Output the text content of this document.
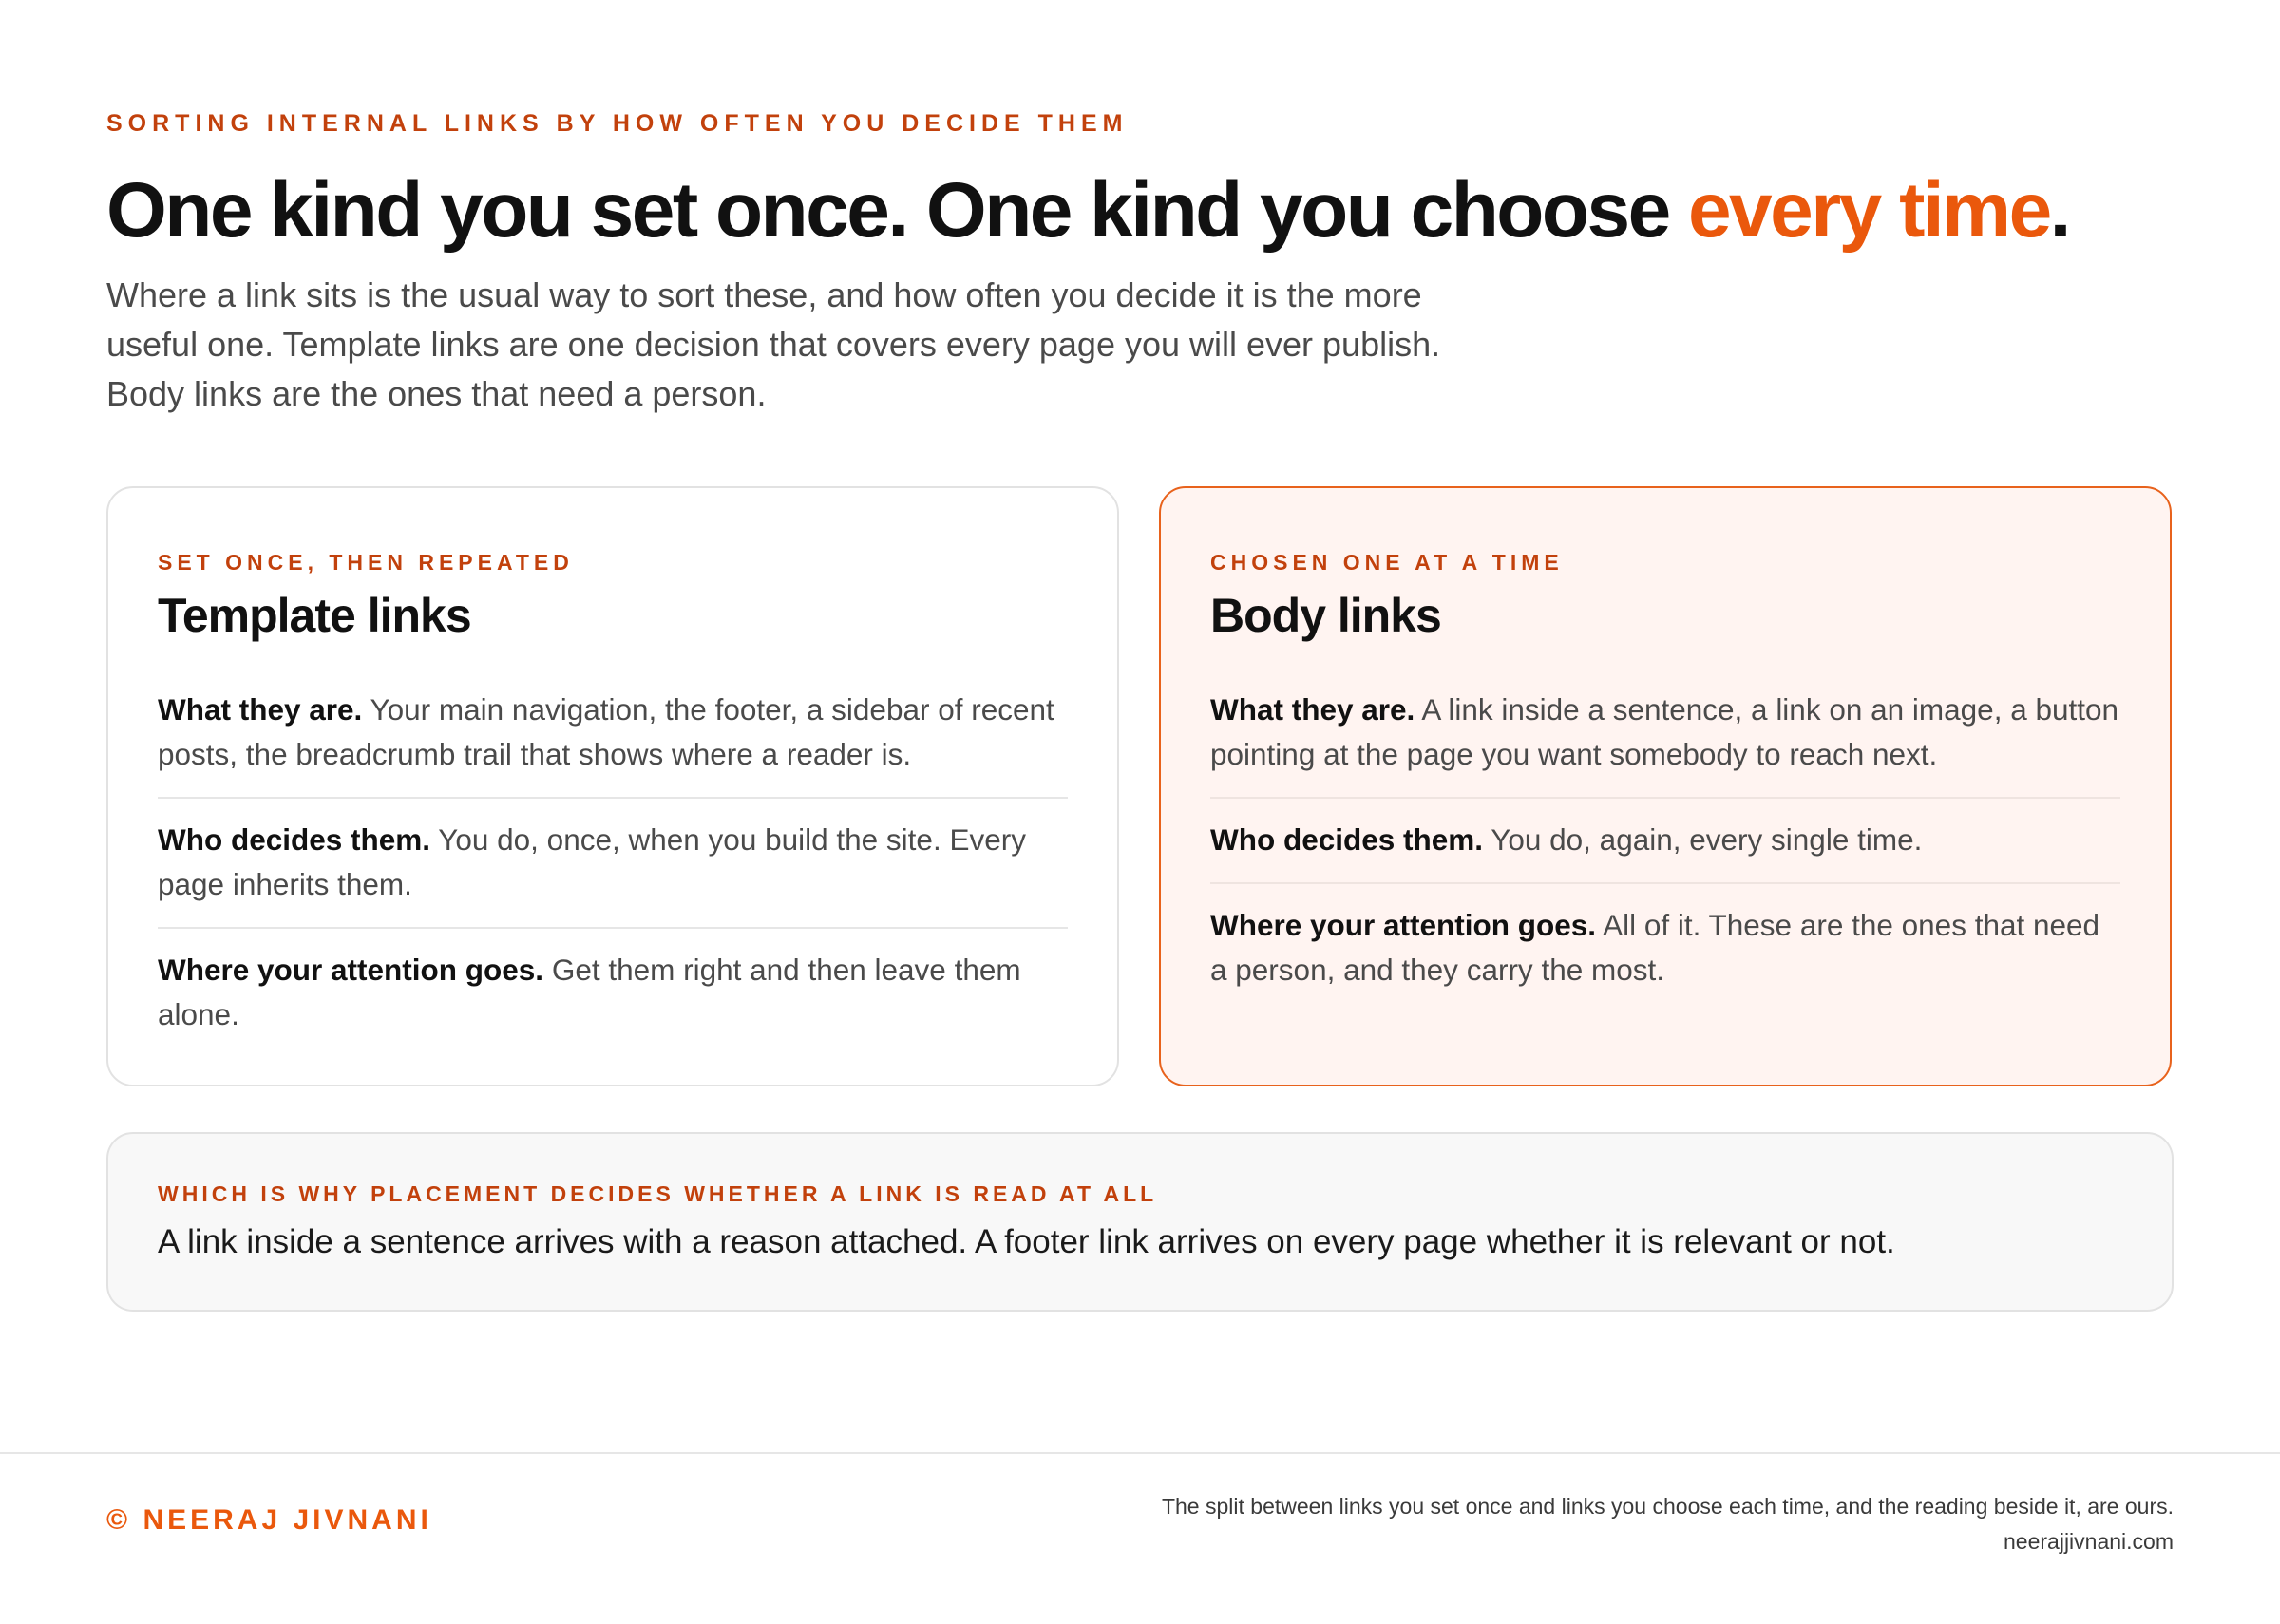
SORTING INTERNAL LINKS BY HOW OFTEN YOU DECIDE THEM
One kind you set once. One kind you choose every time.

Where a link sits is the usual way to sort these, and how often you decide it is the more useful one. Template links are one decision that covers every page you will ever publish. Body links are the ones that need a person.

SET ONCE, THEN REPEATED
Template links
What they are. Your main navigation, the footer, a sidebar of recent posts, the breadcrumb trail that shows where a reader is.
Who decides them. You do, once, when you build the site. Every page inherits them.
Where your attention goes. Get them right and then leave them alone.
CHOSEN ONE AT A TIME
Body links
What they are. A link inside a sentence, a link on an image, a button pointing at the page you want somebody to reach next.
Who decides them. You do, again, every single time.
Where your attention goes. All of it. These are the ones that need a person, and they carry the most.
WHICH IS WHY PLACEMENT DECIDES WHETHER A LINK IS READ AT ALL
A link inside a sentence arrives with a reason attached. A footer link arrives on every page whether it is relevant or not.
© NEERAJ JIVNANI	The split between links you set once and links you choose each time, and the reading beside it, are ours.
neerajjivnani.com
